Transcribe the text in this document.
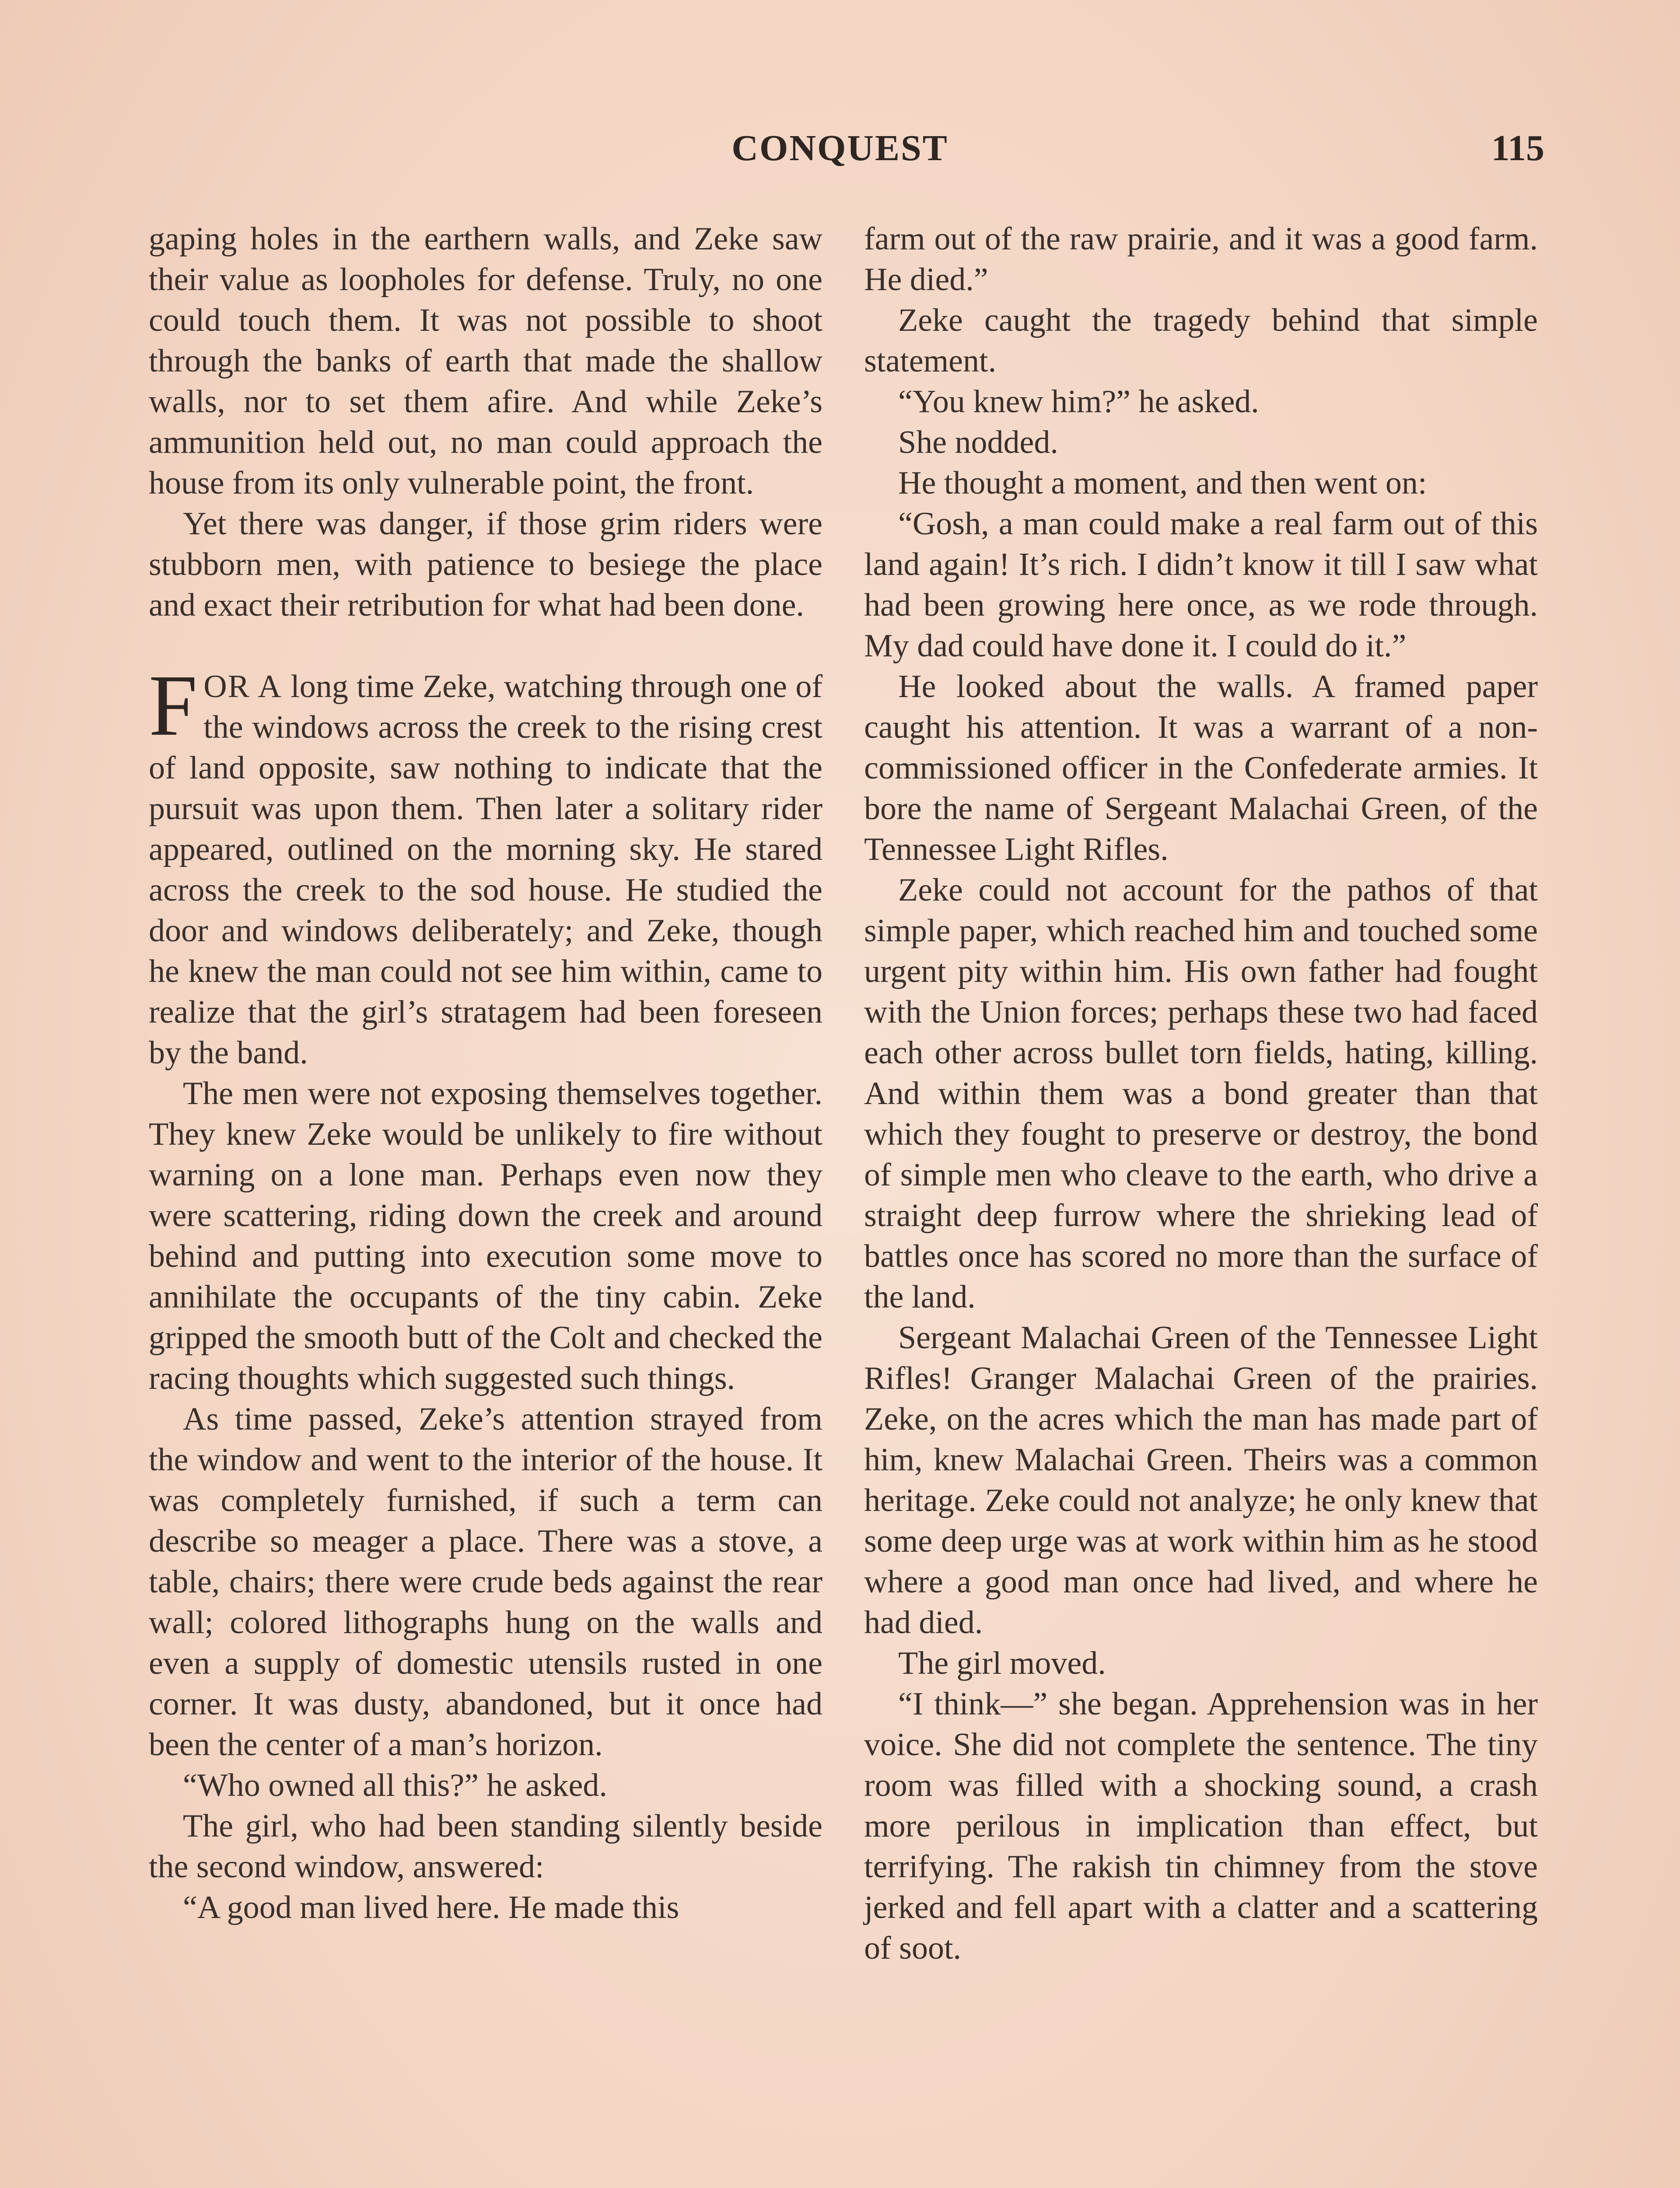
CONQUEST	115

gaping holes in the earthern walls, and Zeke saw their value as loopholes for defense. Truly, no one could touch them. It was not possible to shoot through the banks of earth that made the shallow walls, nor to set them afire. And while Zeke’s ammunition held out, no man could approach the house from its only vulnerable point, the front.

Yet there was danger, if those grim riders were stubborn men, with patience to besiege the place and exact their retribution for what had been done.

FOR A long time Zeke, watching through one of the windows across the creek to the rising crest of land opposite, saw nothing to indicate that the pursuit was upon them. Then later a solitary rider appeared, outlined on the morning sky. He stared across the creek to the sod house. He studied the door and windows deliberately; and Zeke, though he knew the man could not see him within, came to realize that the girl’s stratagem had been foreseen by the band.

The men were not exposing themselves together. They knew Zeke would be unlikely to fire without warning on a lone man. Perhaps even now they were scattering, riding down the creek and around behind and putting into execution some move to annihilate the occupants of the tiny cabin. Zeke gripped the smooth butt of the Colt and checked the racing thoughts which suggested such things.

As time passed, Zeke’s attention strayed from the window and went to the interior of the house. It was completely furnished, if such a term can describe so meager a place. There was a stove, a table, chairs; there were crude beds against the rear wall; colored lithographs hung on the walls and even a supply of domestic utensils rusted in one corner. It was dusty, abandoned, but it once had been the center of a man’s horizon.

“Who owned all this?” he asked.

The girl, who had been standing silently beside the second window, answered:

“A good man lived here. He made this

farm out of the raw prairie, and it was a good farm. He died.”

Zeke caught the tragedy behind that simple statement.

“You knew him?” he asked.

She nodded.

He thought a moment, and then went on:

“Gosh, a man could make a real farm out of this land again! It’s rich. I didn’t know it till I saw what had been growing here once, as we rode through. My dad could have done it. I could do it.”

He looked about the walls. A framed paper caught his attention. It was a warrant of a non-commissioned officer in the Confederate armies. It bore the name of Sergeant Malachai Green, of the Tennessee Light Rifles.

Zeke could not account for the pathos of that simple paper, which reached him and touched some urgent pity within him. His own father had fought with the Union forces; perhaps these two had faced each other across bullet torn fields, hating, killing. And within them was a bond greater than that which they fought to preserve or destroy, the bond of simple men who cleave to the earth, who drive a straight deep furrow where the shrieking lead of battles once has scored no more than the surface of the land.

Sergeant Malachai Green of the Tennessee Light Rifles! Granger Malachai Green of the prairies. Zeke, on the acres which the man has made part of him, knew Malachai Green. Theirs was a common heritage. Zeke could not analyze; he only knew that some deep urge was at work within him as he stood where a good man once had lived, and where he had died.

The girl moved.

“I think—” she began. Apprehension was in her voice. She did not complete the sentence. The tiny room was filled with a shocking sound, a crash more perilous in implication than effect, but terrifying. The rakish tin chimney from the stove jerked and fell apart with a clatter and a scattering of soot.
